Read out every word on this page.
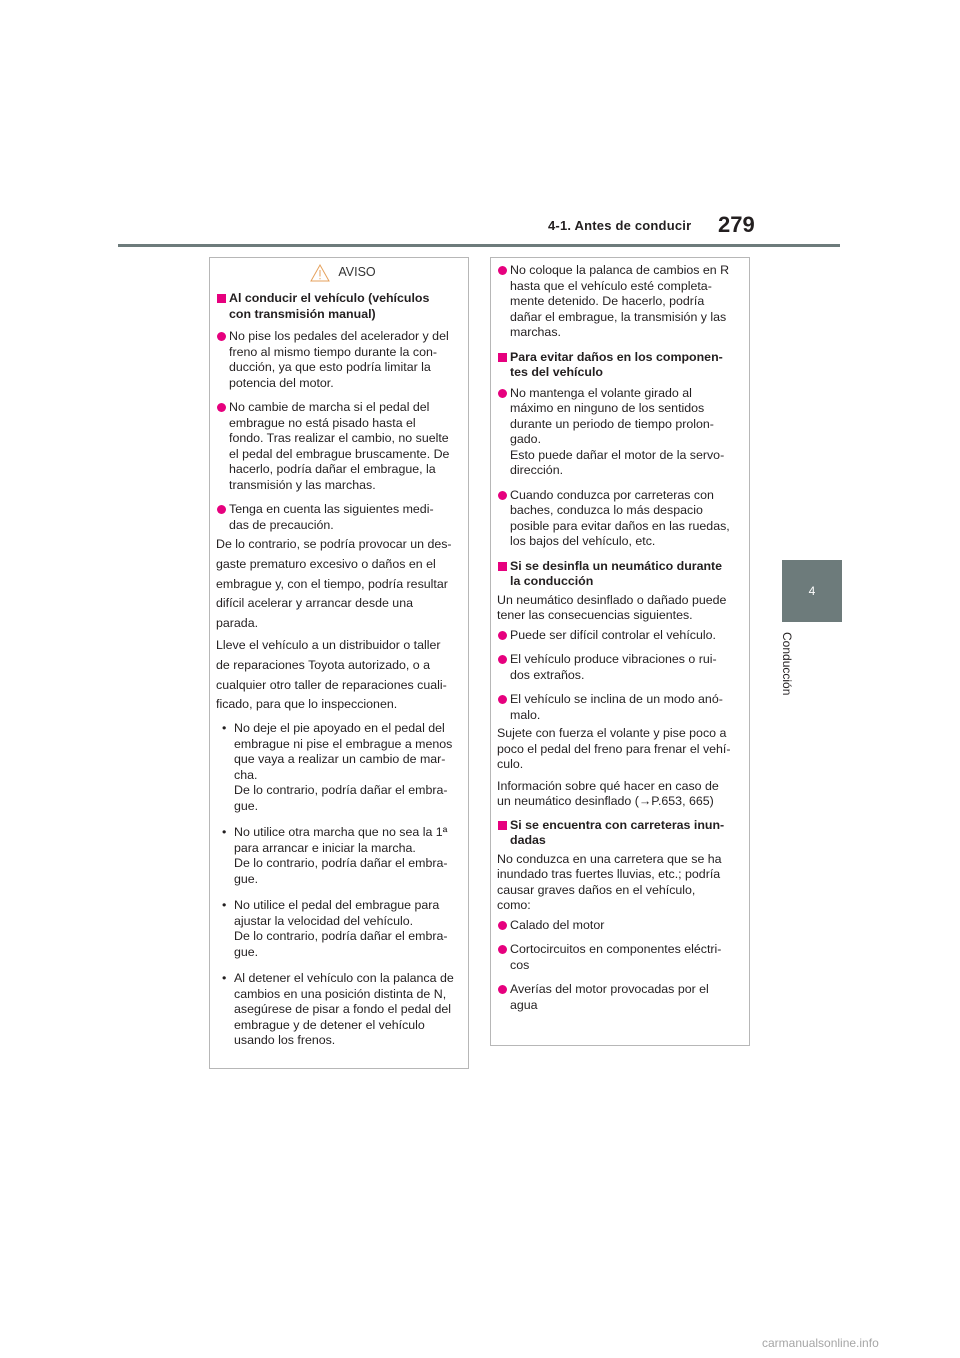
4-1. Antes de conducir 279
4
Conducción
AVISO
Al conducir el vehículo (vehículos
con transmisión manual)
No pise los pedales del acelerador y del
freno al mismo tiempo durante la con-
ducción, ya que esto podría limitar la
potencia del motor.
No cambie de marcha si el pedal del
embrague no está pisado hasta el
fondo. Tras realizar el cambio, no suelte
el pedal del embrague bruscamente. De
hacerlo, podría dañar el embrague, la
transmisión y las marchas.
Tenga en cuenta las siguientes medi-
das de precaución.
De lo contrario, se podría provocar un des-
gaste prematuro excesivo o daños en el
embrague y, con el tiempo, podría resultar
difícil acelerar y arrancar desde una
parada.
Lleve el vehículo a un distribuidor o taller
de reparaciones Toyota autorizado, o a
cualquier otro taller de reparaciones cuali-
ficado, para que lo inspeccionen.
• No deje el pie apoyado en el pedal del
embrague ni pise el embrague a menos
que vaya a realizar un cambio de mar-
cha.
De lo contrario, podría dañar el embra-
gue.
• No utilice otra marcha que no sea la 1ª
para arrancar e iniciar la marcha.
De lo contrario, podría dañar el embra-
gue.
• No utilice el pedal del embrague para
ajustar la velocidad del vehículo.
De lo contrario, podría dañar el embra-
gue.
• Al detener el vehículo con la palanca de
cambios en una posición distinta de N,
asegúrese de pisar a fondo el pedal del
embrague y de detener el vehículo
usando los frenos.
No coloque la palanca de cambios en R
hasta que el vehículo esté completa-
mente detenido. De hacerlo, podría
dañar el embrague, la transmisión y las
marchas.
Para evitar daños en los componen-
tes del vehículo
No mantenga el volante girado al
máximo en ninguno de los sentidos
durante un periodo de tiempo prolon-
gado.
Esto puede dañar el motor de la servo-
dirección.
Cuando conduzca por carreteras con
baches, conduzca lo más despacio
posible para evitar daños en las ruedas,
los bajos del vehículo, etc.
Si se desinfla un neumático durante
la conducción
Un neumático desinflado o dañado puede
tener las consecuencias siguientes.
Puede ser difícil controlar el vehículo.
El vehículo produce vibraciones o rui-
dos extraños.
El vehículo se inclina de un modo anó-
malo.
Sujete con fuerza el volante y pise poco a
poco el pedal del freno para frenar el vehí-
culo.
Información sobre qué hacer en caso de
un neumático desinflado (→P.653, 665)
Si se encuentra con carreteras inun-
dadas
No conduzca en una carretera que se ha
inundado tras fuertes lluvias, etc.; podría
causar graves daños en el vehículo,
como:
Calado del motor
Cortocircuitos en componentes eléctri-
cos
Averías del motor provocadas por el
agua
carmanualsonline.info
